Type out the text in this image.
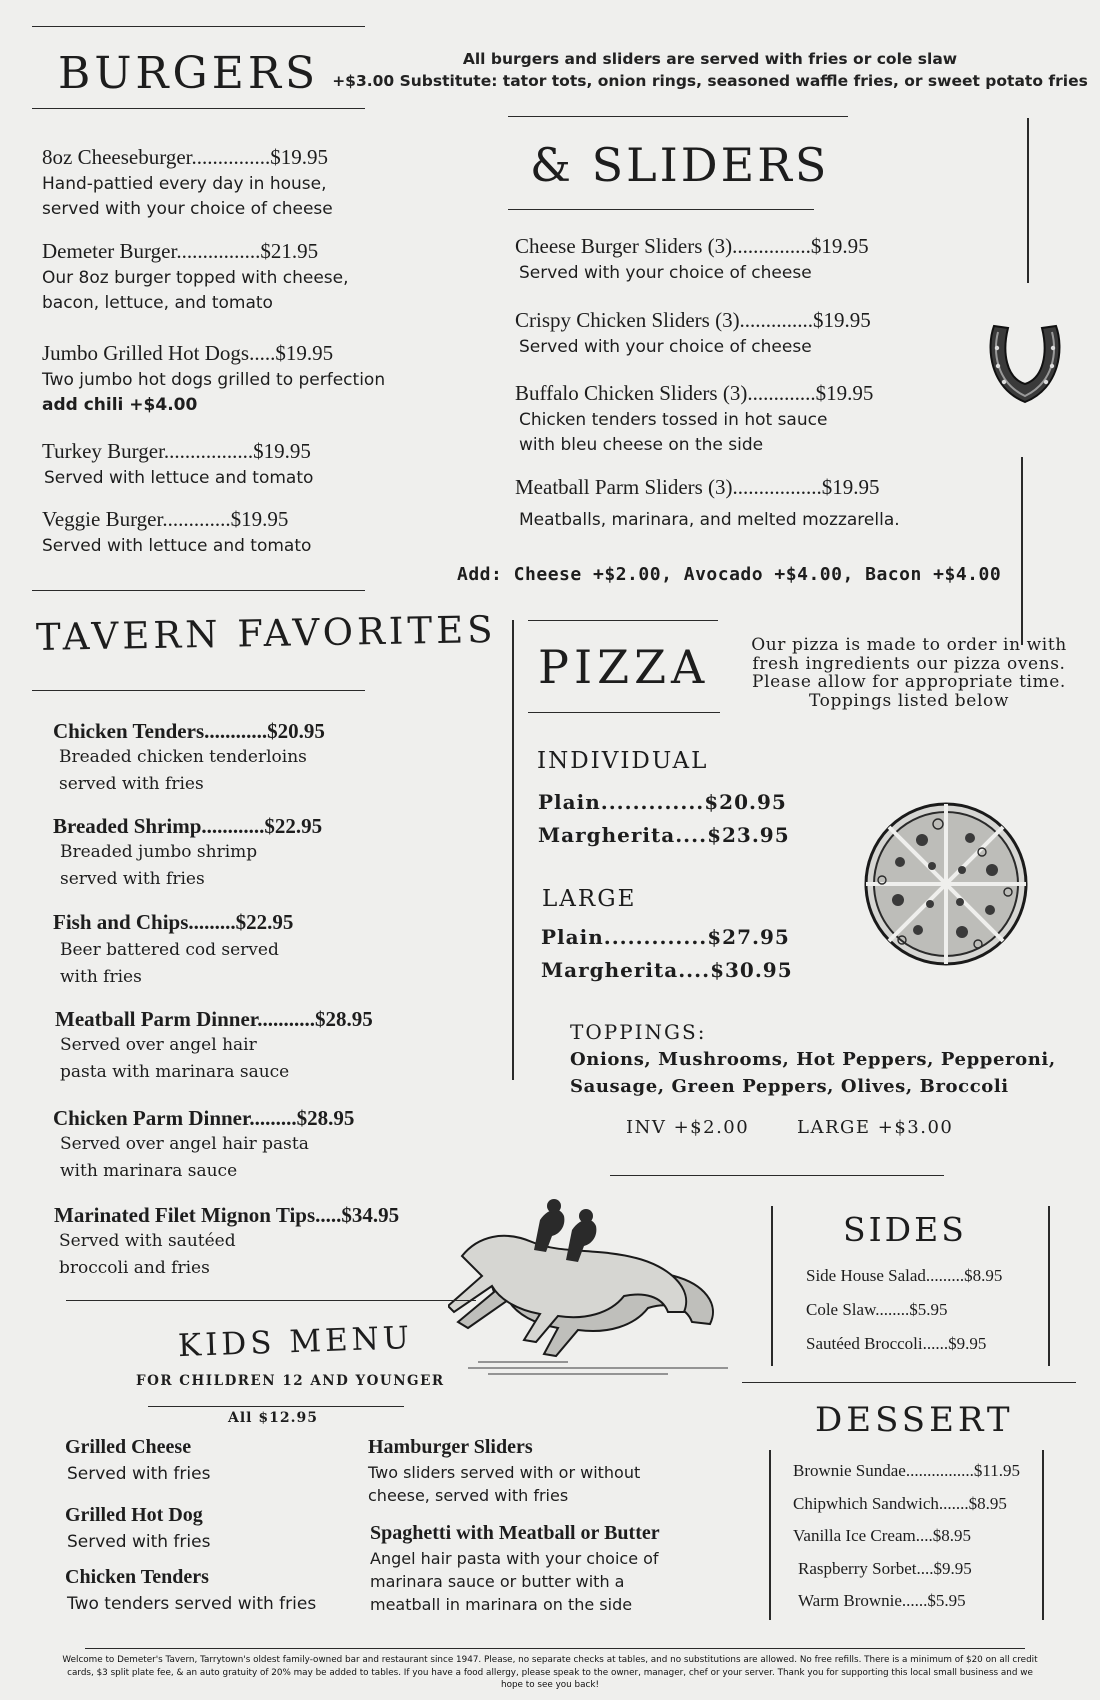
BURGERS	All burgers and sliders are served with fries or cole slaw
+$3.00 Substitute: tator tots, onion rings, seasoned waffle fries, or sweet potato fries
8oz Cheeseburger...............$19.95
Hand-pattied every day in house,
served with your choice of cheese
Demeter Burger................$21.95
Our 8oz burger topped with cheese,
bacon, lettuce, and tomato
Jumbo Grilled Hot Dogs.....$19.95
Two jumbo hot dogs grilled to perfection
add chili +$4.00
Turkey Burger.................$19.95
Served with lettuce and tomato
Veggie Burger.............$19.95
Served with lettuce and tomato
& SLIDERS
Cheese Burger Sliders (3)...............$19.95
Served with your choice of cheese
Crispy Chicken Sliders (3)..............$19.95
Served with your choice of cheese
Buffalo Chicken Sliders (3).............$19.95
Chicken tenders tossed in hot sauce
with bleu cheese on the side
Meatball Parm Sliders (3).................$19.95
Meatballs, marinara, and melted mozzarella.
Add: Cheese +$2.00, Avocado +$4.00, Bacon +$4.00
TAVERN FAVORITES
Chicken Tenders............$20.95
Breaded chicken tenderloins
served with fries
Breaded Shrimp............$22.95
Breaded jumbo shrimp
served with fries
Fish and Chips.........$22.95
Beer battered cod served
with fries
Meatball Parm Dinner...........$28.95
Served over angel hair
pasta with marinara sauce
Chicken Parm Dinner.........$28.95
Served over angel hair pasta
with marinara sauce
Marinated Filet Mignon Tips.....$34.95
Served with sautéed
broccoli and fries
PIZZA	Our pizza is made to order in with
fresh ingredients our pizza ovens.
Please allow for appropriate time.
Toppings listed below
INDIVIDUAL
Plain.............$20.95
Margherita....$23.95
LARGE
Plain.............$27.95
Margherita....$30.95
TOPPINGS:
Onions, Mushrooms, Hot Peppers, Pepperoni,
Sausage, Green Peppers, Olives, Broccoli
INV +$2.00	LARGE +$3.00
KIDS MENU
FOR CHILDREN 12 AND YOUNGER
All $12.95
Grilled Cheese
Served with fries
Grilled Hot Dog
Served with fries
Chicken Tenders
Two tenders served with fries
Hamburger Sliders
Two sliders served with or without
cheese, served with fries
Spaghetti with Meatball or Butter
Angel hair pasta with your choice of
marinara sauce or butter with a
meatball in marinara on the side
SIDES
Side House Salad.........$8.95
Cole Slaw........$5.95
Sautéed Broccoli......$9.95
DESSERT
Brownie Sundae................$11.95
Chipwhich Sandwich.......$8.95
Vanilla Ice Cream....$8.95
Raspberry Sorbet....$9.95
Warm Brownie......$5.95
Welcome to Demeter's Tavern, Tarrytown's oldest family-owned bar and restaurant since 1947. Please, no separate checks at tables, and no substitutions are allowed. No free refills. There is a minimum of $20 on all credit
cards, $3 split plate fee, & an auto gratuity of 20% may be added to tables. If you have a food allergy, please speak to the owner, manager, chef or your server. Thank you for supporting this local small business and we
hope to see you back!
